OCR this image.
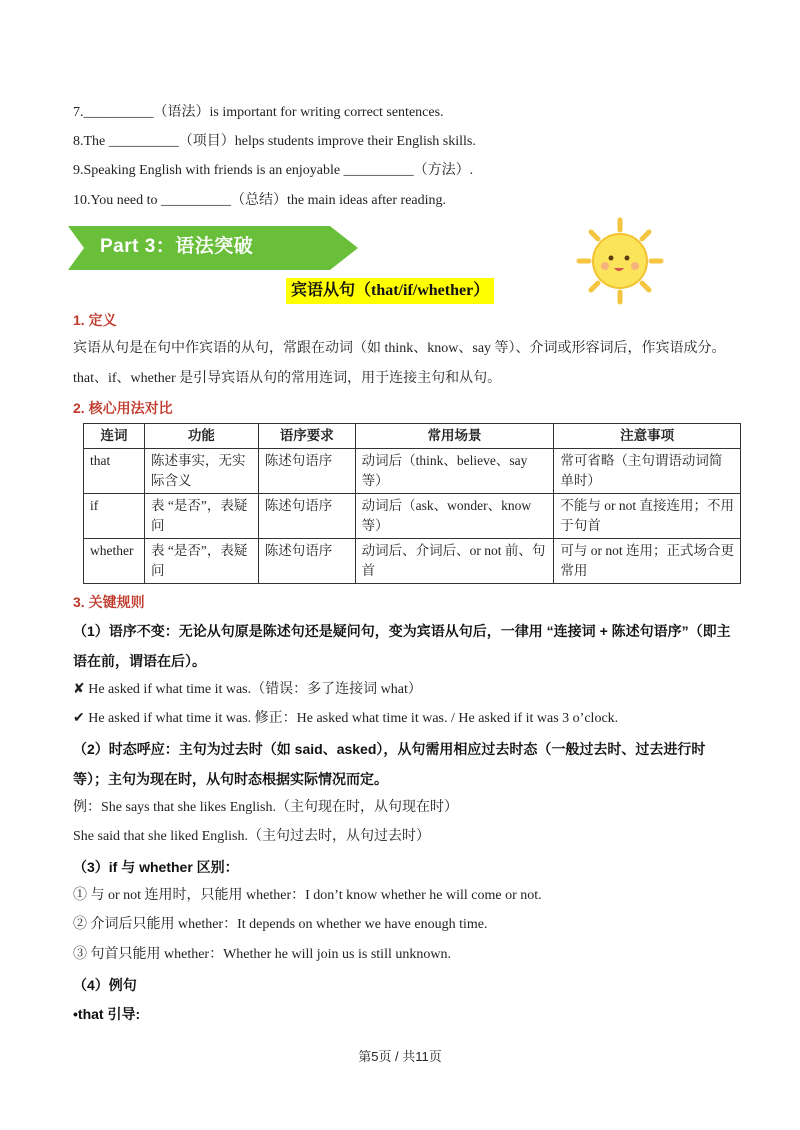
7.__________（语法）is important for writing correct sentences.
8.The __________（项目）helps students improve their English skills.
9.Speaking English with friends is an enjoyable __________（方法）.
10.You need to __________（总结）the main ideas after reading.
Part 3：语法突破
宾语从句（that/if/whether）
1. 定义
宾语从句是在句中作宾语的从句，常跟在动词（如 think、know、say 等）、介词或形容词后，作宾语成分。that、if、whether 是引导宾语从句的常用连词，用于连接主句和从句。
2. 核心用法对比
连词	功能	语序要求	常用场景	注意事项
that	陈述事实，无实际含义	陈述句语序	动词后（think、believe、say 等）	常可省略（主句谓语动词简单时）
if	表 “是否”，表疑问	陈述句语序	动词后（ask、wonder、know 等）	不能与 or not 直接连用；不用于句首
whether	表 “是否”，表疑问	陈述句语序	动词后、介词后、or not 前、句首	可与 or not 连用；正式场合更常用
3. 关键规则
（1）语序不变：无论从句原是陈述句还是疑问句，变为宾语从句后，一律用 “连接词 + 陈述句语序”（即主语在前，谓语在后）。
✘ He asked if what time it was.（错误：多了连接词 what）
✔ He asked if what time it was. 修正：He asked what time it was. / He asked if it was 3 o’clock.
（2）时态呼应：主句为过去时（如 said、asked），从句需用相应过去时态（一般过去时、过去进行时等）；主句为现在时，从句时态根据实际情况而定。
例：She says that she likes English.（主句现在时，从句现在时）
She said that she liked English.（主句过去时，从句过去时）
（3）if 与 whether 区别：
① 与 or not 连用时，只能用 whether：I don’t know whether he will come or not.
② 介词后只能用 whether：It depends on whether we have enough time.
③ 句首只能用 whether：Whether he will join us is still unknown.
（4）例句
•that 引导:
第5页 / 共11页
